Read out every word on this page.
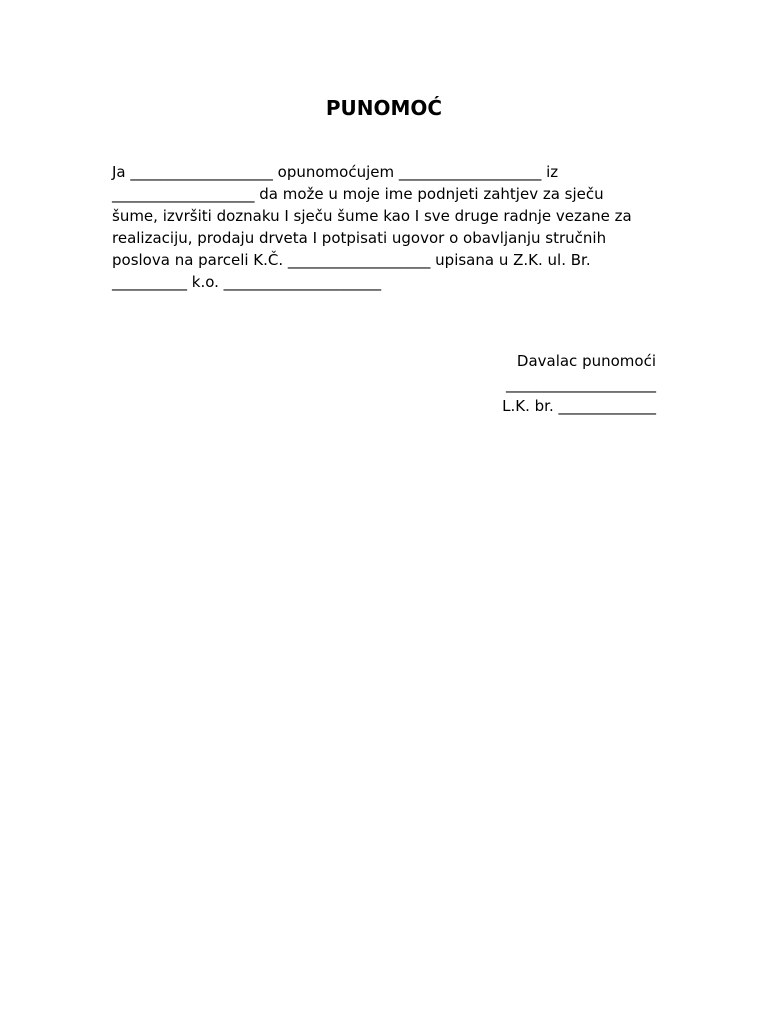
PUNOMOĆ
Ja ___________________ opunomoćujem ___________________ iz
___________________ da može u moje ime podnjeti zahtjev za sječu
šume, izvršiti doznaku I sječu šume kao I sve druge radnje vezane za
realizaciju, prodaju drveta I potpisati ugovor o obavljanju stručnih
poslova na parceli K.Č. ___________________ upisana u Z.K. ul. Br.
__________ k.o. _____________________
Davalac punomoći
____________________
L.K. br. _____________
